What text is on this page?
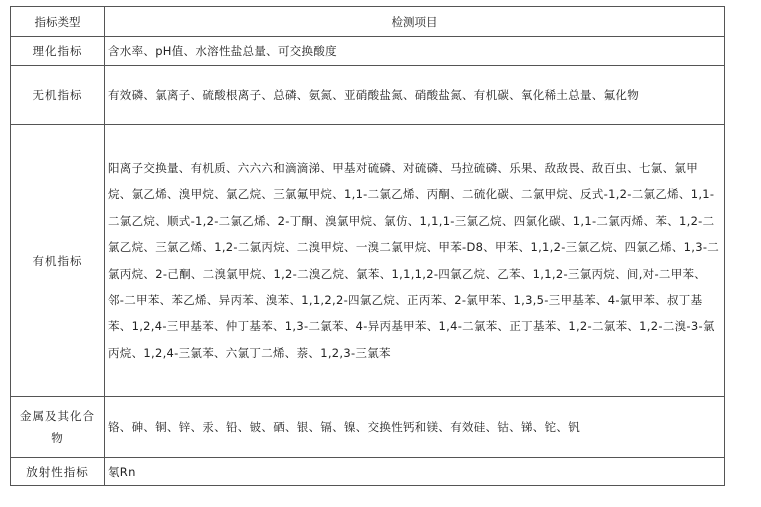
指标类型	检测项目
理化指标	含水率、pH值、水溶性盐总量、可交换酸度
无机指标	有效磷、氯离子、硫酸根离子、总磷、氨氮、亚硝酸盐氮、硝酸盐氮、有机碳、氧化稀土总量、氟化物
有机指标	阳离子交换量、有机质、六六六和滴滴涕、甲基对硫磷、对硫磷、马拉硫磷、乐果、敌敌畏、敌百虫、七氯、氯甲烷、氯乙烯、溴甲烷、氯乙烷、三氯氟甲烷、1,1-二氯乙烯、丙酮、二硫化碳、二氯甲烷、反式-1,2-二氯乙烯、1,1-二氯乙烷、顺式-1,2-二氯乙烯、2-丁酮、溴氯甲烷、氯仿、1,1,1-三氯乙烷、四氯化碳、1,1-二氯丙烯、苯、1,2-二氯乙烷、三氯乙烯、1,2-二氯丙烷、二溴甲烷、一溴二氯甲烷、甲苯-D8、甲苯、1,1,2-三氯乙烷、四氯乙烯、1,3-二氯丙烷、2-己酮、二溴氯甲烷、1,2-二溴乙烷、氯苯、1,1,1,2-四氯乙烷、乙苯、1,1,2-三氯丙烷、间,对-二甲苯、邻-二甲苯、苯乙烯、异丙苯、溴苯、1,1,2,2-四氯乙烷、正丙苯、2-氯甲苯、1,3,5-三甲基苯、4-氯甲苯、叔丁基苯、1,2,4-三甲基苯、仲丁基苯、1,3-二氯苯、4-异丙基甲苯、1,4-二氯苯、正丁基苯、1,2-二氯苯、1,2-二溴-3-氯丙烷、1,2,4-三氯苯、六氯丁二烯、萘、1,2,3-三氯苯
金属及其化合物	铬、砷、铜、锌、汞、铅、铍、硒、银、镉、镍、交换性钙和镁、有效硅、钴、锑、铊、钒
放射性指标	氡Rn
